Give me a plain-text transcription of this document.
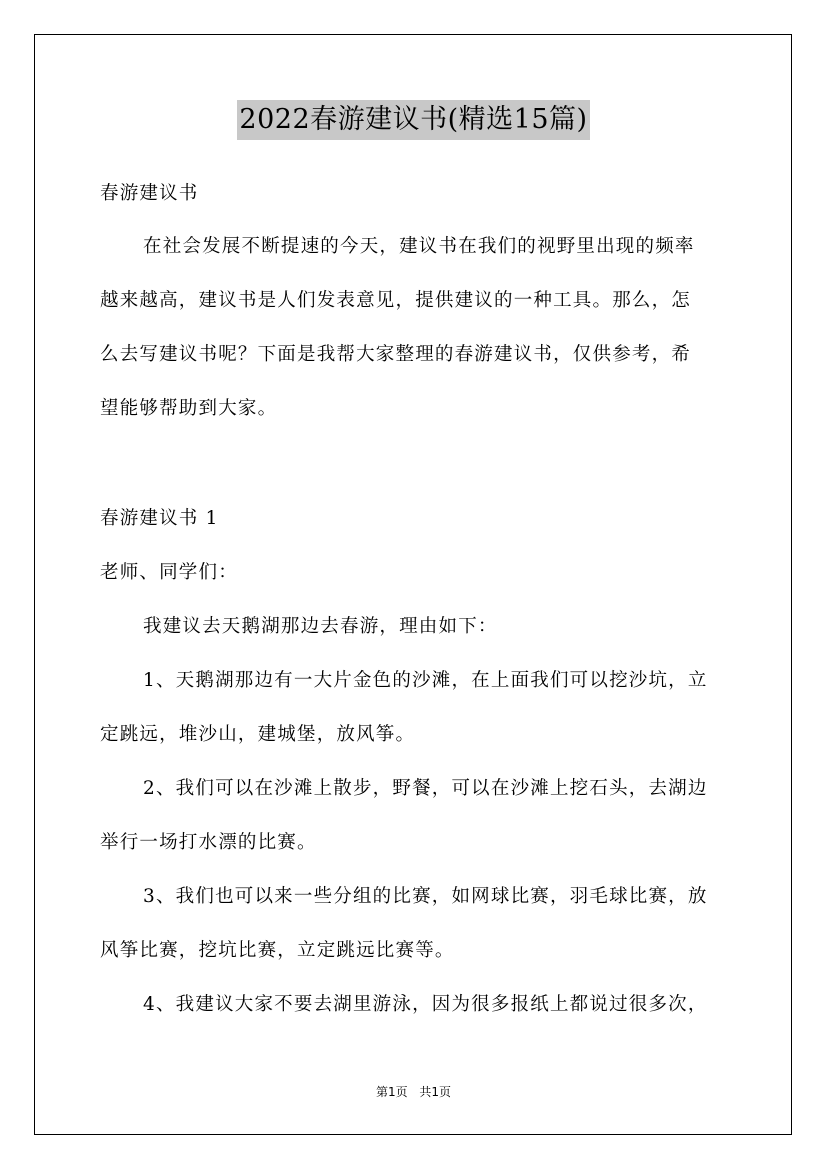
2022春游建议书(精选15篇)
春游建议书
在社会发展不断提速的今天，建议书在我们的视野里出现的频率
越来越高，建议书是人们发表意见，提供建议的一种工具。那么，怎
么去写建议书呢？下面是我帮大家整理的春游建议书，仅供参考，希
望能够帮助到大家。
春游建议书 1
老师、同学们：
我建议去天鹅湖那边去春游，理由如下：
1、天鹅湖那边有一大片金色的沙滩，在上面我们可以挖沙坑，立
定跳远，堆沙山，建城堡，放风筝。
2、我们可以在沙滩上散步，野餐，可以在沙滩上挖石头，去湖边
举行一场打水漂的比赛。
3、我们也可以来一些分组的比赛，如网球比赛，羽毛球比赛，放
风筝比赛，挖坑比赛，立定跳远比赛等。
4、我建议大家不要去湖里游泳，因为很多报纸上都说过很多次，
第1页 共1页
